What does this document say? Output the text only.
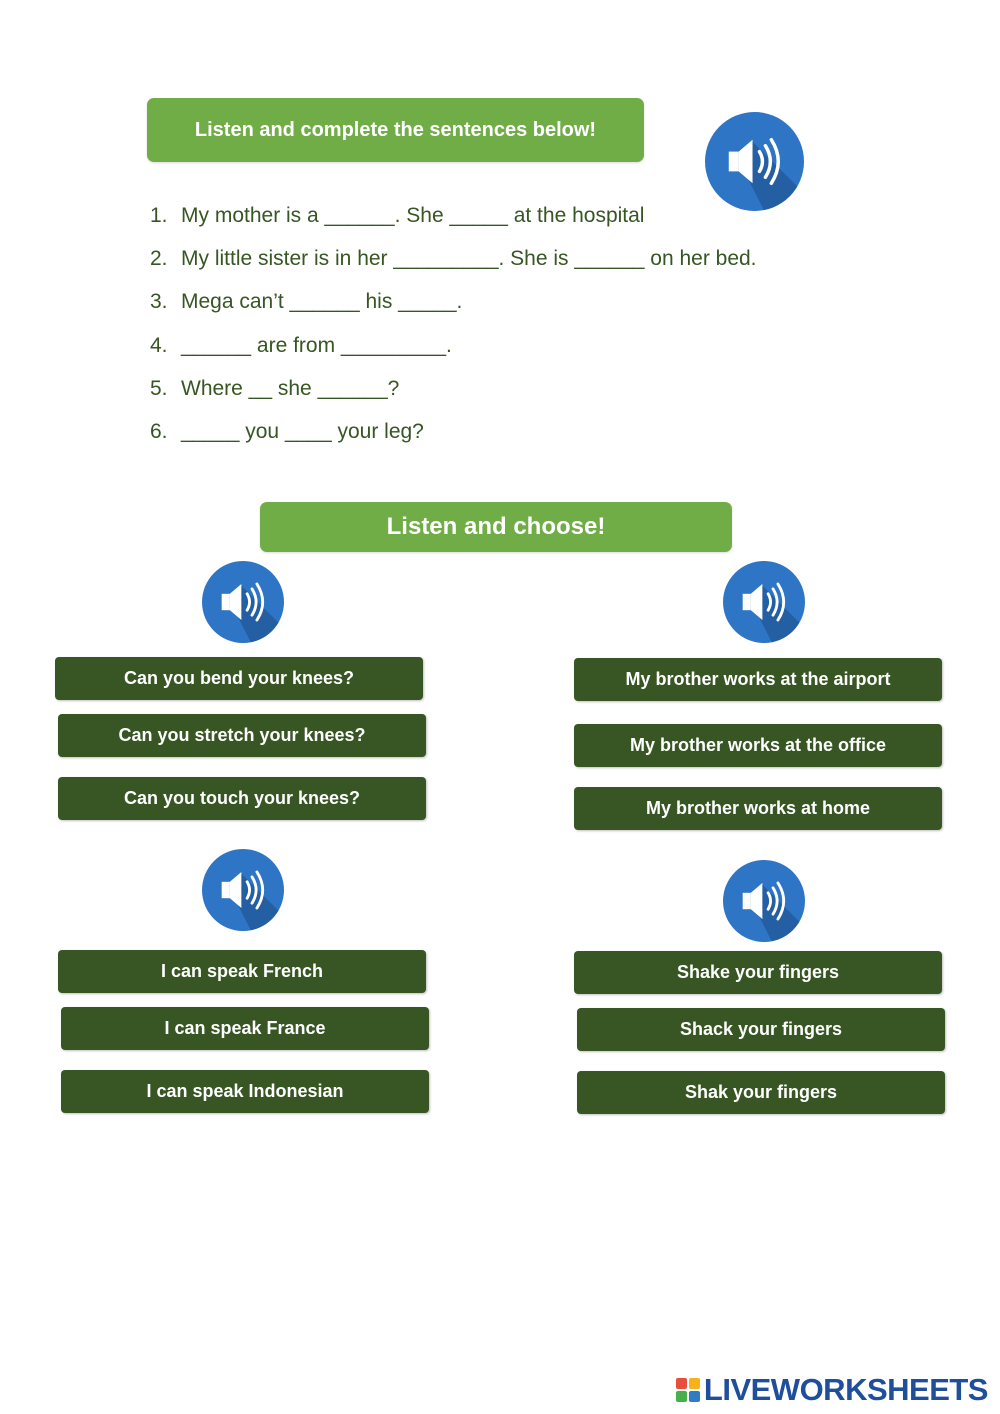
Listen and complete the sentences below!
1. My mother is a ______. She _____ at the hospital
2. My little sister is in her _________. She is ______ on her bed.
3. Mega can’t ______ his _____.
4. ______ are from _________.
5. Where __ she ______?
6. _____ you ____ your leg?
Listen and choose!
Can you bend your knees?
Can you stretch your knees?
Can you touch your knees?
My brother works at the airport
My brother works at the office
My brother works at home
I can speak French
I can speak France
I can speak Indonesian
Shake your fingers
Shack your fingers
Shak your fingers
LIVEWORKSHEETS
